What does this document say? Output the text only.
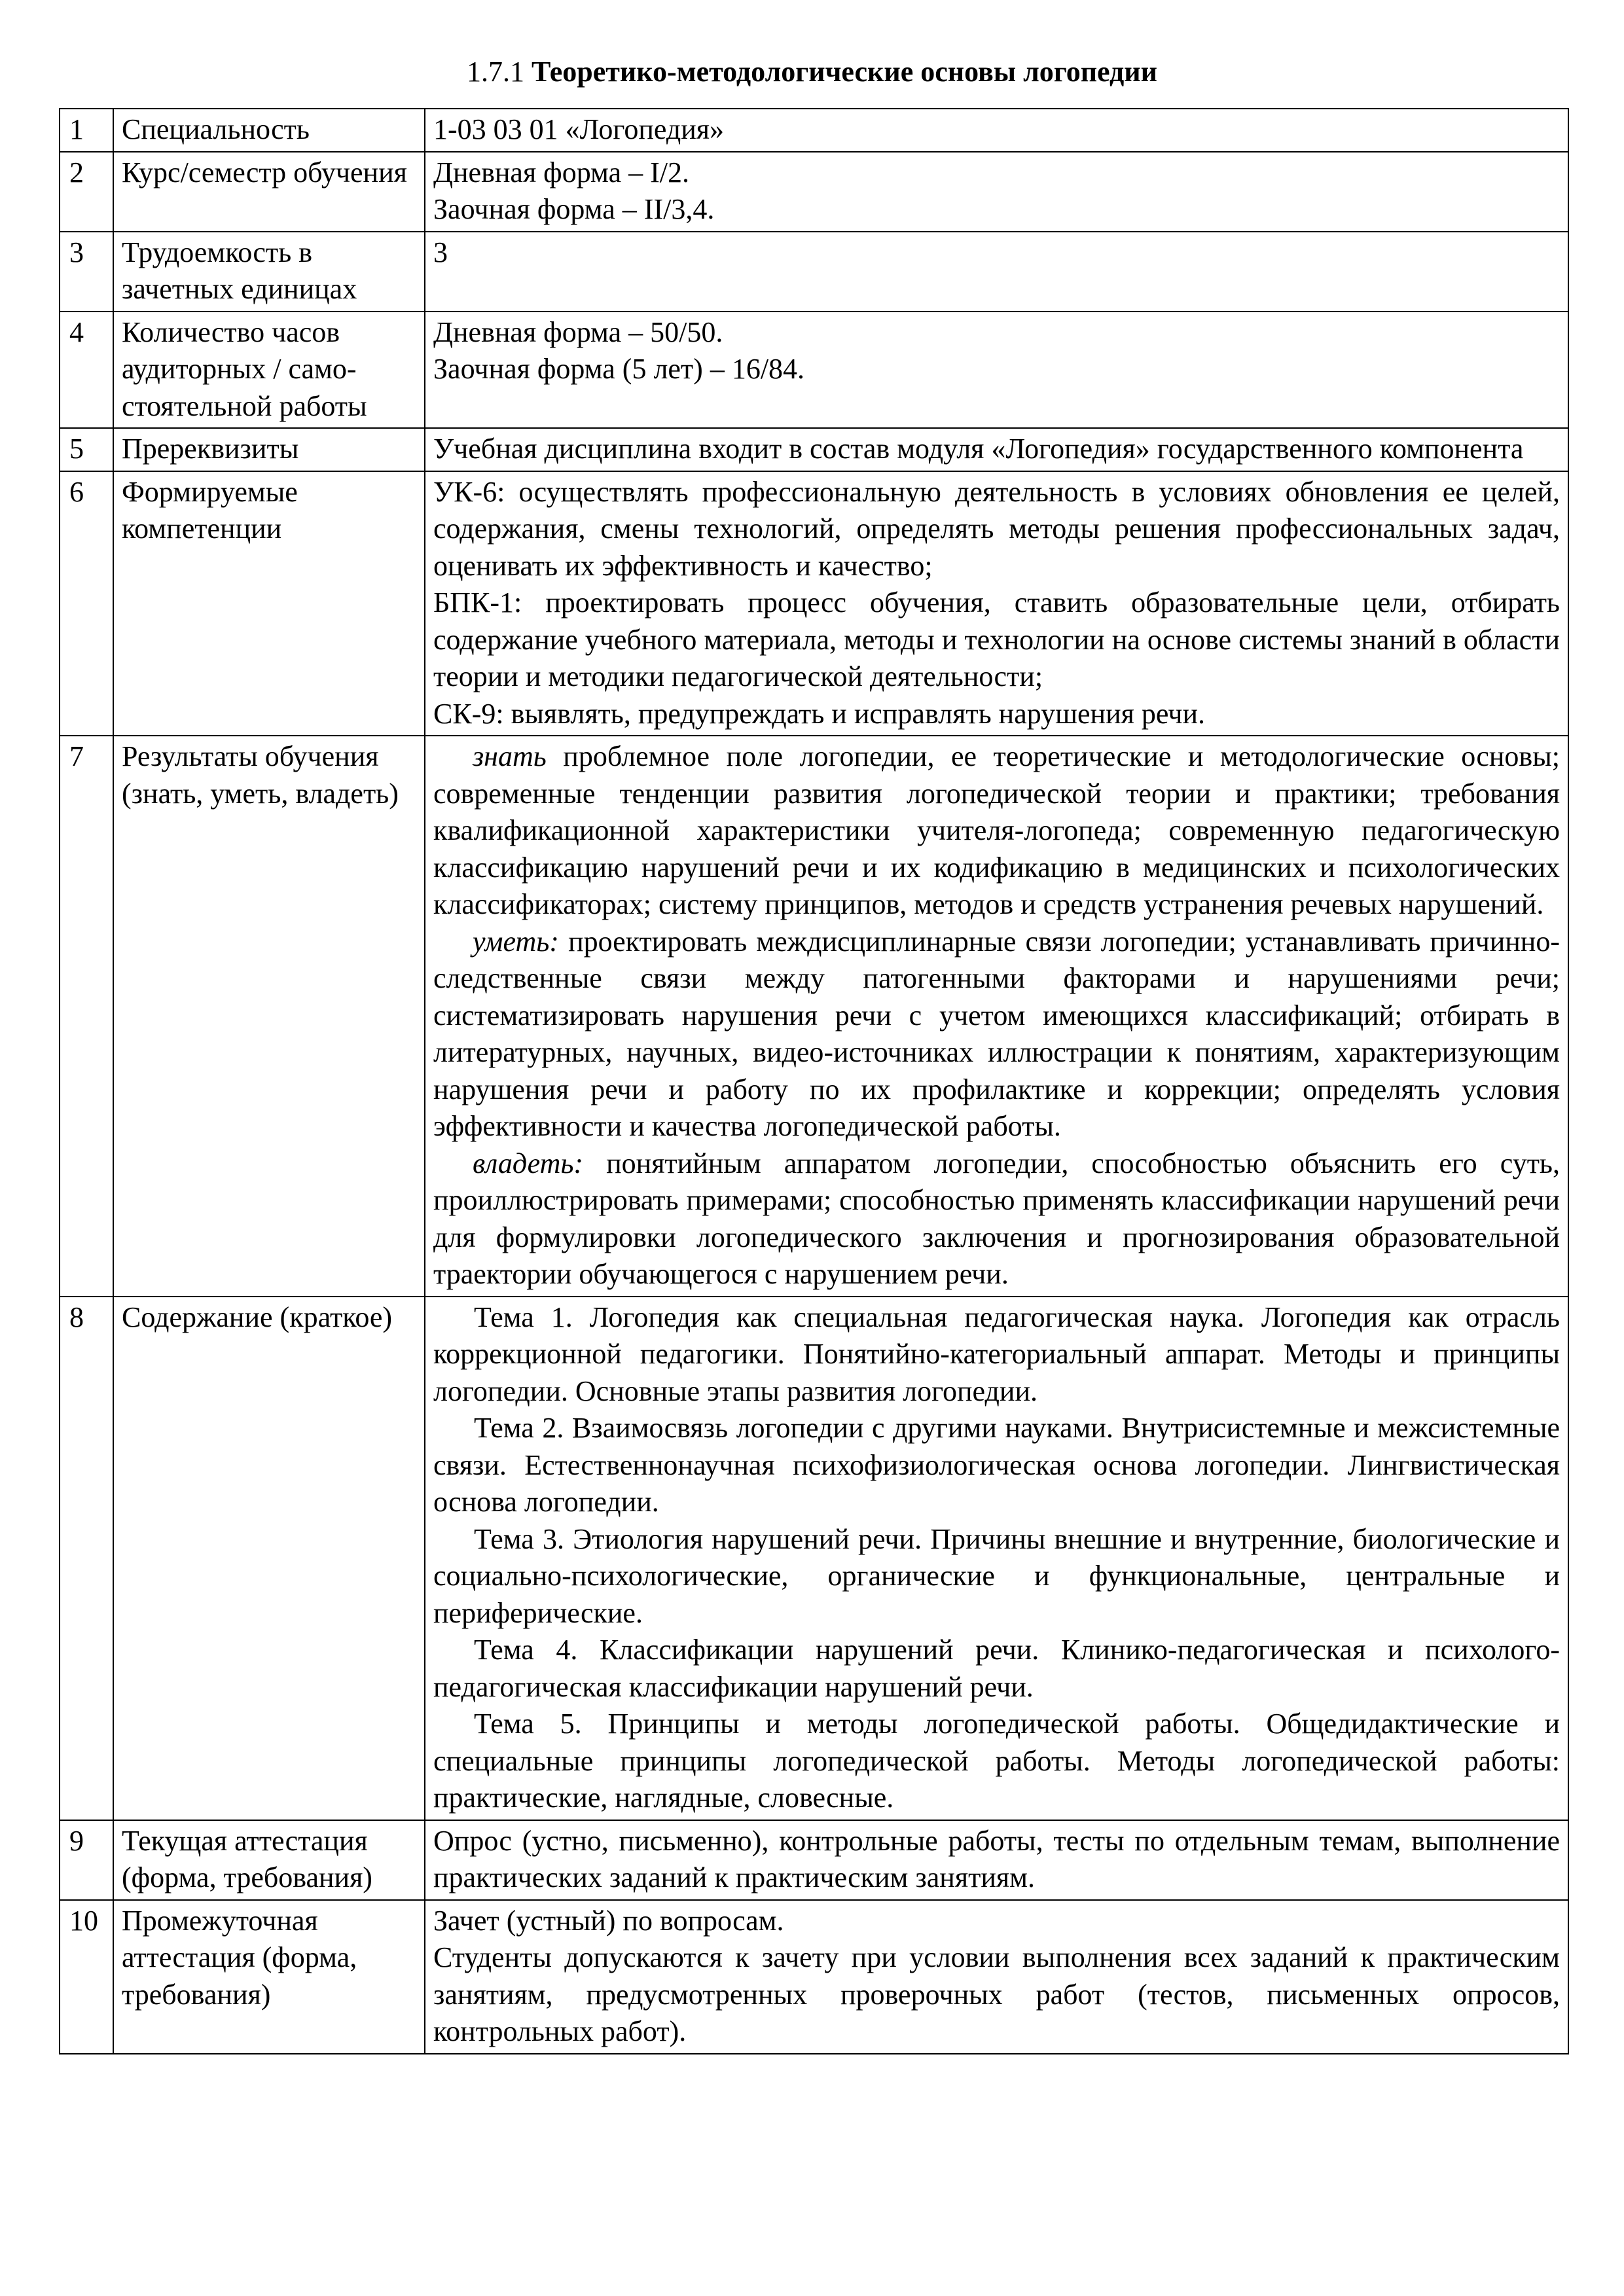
1.7.1 Теоретико-методологические основы логопедии
1	Специальность	1-03 03 01 «Логопедия»

2	Курс/семестр обучения	Дневная форма – I/2.

Заочная форма – II/3,4.

3	Трудоемкость в зачетных единицах	3

4	Количество часов аудиторных / само-стоятельной работы	Дневная форма – 50/50.

Заочная форма (5 лет) – 16/84.

5	Пререквизиты	Учебная дисциплина входит в состав модуля «Логопедия» государственного компонента

6	Формируемые компетенции	УК-6: осуществлять профессиональную деятельность в условиях обновления ее целей, содержания, смены технологий, определять методы решения профессиональных задач, оценивать их эффективность и качество;

БПК-1: проектировать процесс обучения, ставить образовательные цели, отбирать содержание учебного материала, методы и технологии на основе системы знаний в области теории и методики педагогической деятельности;

СК-9: выявлять, предупреждать и исправлять нарушения речи.

7	Результаты обучения (знать, уметь, владеть)	знать проблемное поле логопедии, ее теоретические и методологические основы; современные тенденции развития логопедической теории и практики; требования квалификационной характеристики учителя-логопеда; современную педагогическую классификацию нарушений речи и их кодификацию в медицинских и психологических классификаторах; систему принципов, методов и средств устранения речевых нарушений.

уметь: проектировать междисциплинарные связи логопедии; устанавливать причинно-следственные связи между патогенными факторами и нарушениями речи; систематизировать нарушения речи с учетом имеющихся классификаций; отбирать в литературных, научных, видео-источниках иллюстрации к понятиям, характеризующим нарушения речи и работу по их профилактике и коррекции; определять условия эффективности и качества логопедической работы.

владеть: понятийным аппаратом логопедии, способностью объяснить его суть, проиллюстрировать примерами; способностью применять классификации нарушений речи для формулировки логопедического заключения и прогнозирования образовательной траектории обучающегося с нарушением речи.

8	Содержание (краткое)	Тема 1. Логопедия как специальная педагогическая наука. Логопедия как отрасль коррекционной педагогики. Понятийно-категориальный аппарат. Методы и принципы логопедии. Основные этапы развития логопедии.

Тема 2. Взаимосвязь логопедии с другими науками. Внутрисистемные и межсистемные связи. Естественнонаучная психофизиологическая основа логопедии. Лингвистическая основа логопедии.

Тема 3. Этиология нарушений речи. Причины внешние и внутренние, биологические и социально-психологические, органические и функциональные, центральные и периферические.

Тема 4. Классификации нарушений речи. Клинико-педагогическая и психолого-педагогическая классификации нарушений речи.

Тема 5. Принципы и методы логопедической работы. Общедидактические и специальные принципы логопедической работы. Методы логопедической работы: практические, наглядные, словесные.

9	Текущая аттестация (форма, требования)	Опрос (устно, письменно), контрольные работы, тесты по отдельным темам, выполнение практических заданий к практическим занятиям.

10	Промежуточная аттестация (форма, требования)	Зачет (устный) по вопросам.

Студенты допускаются к зачету при условии выполнения всех заданий к практическим занятиям, предусмотренных проверочных работ (тестов, письменных опросов, контрольных работ).
